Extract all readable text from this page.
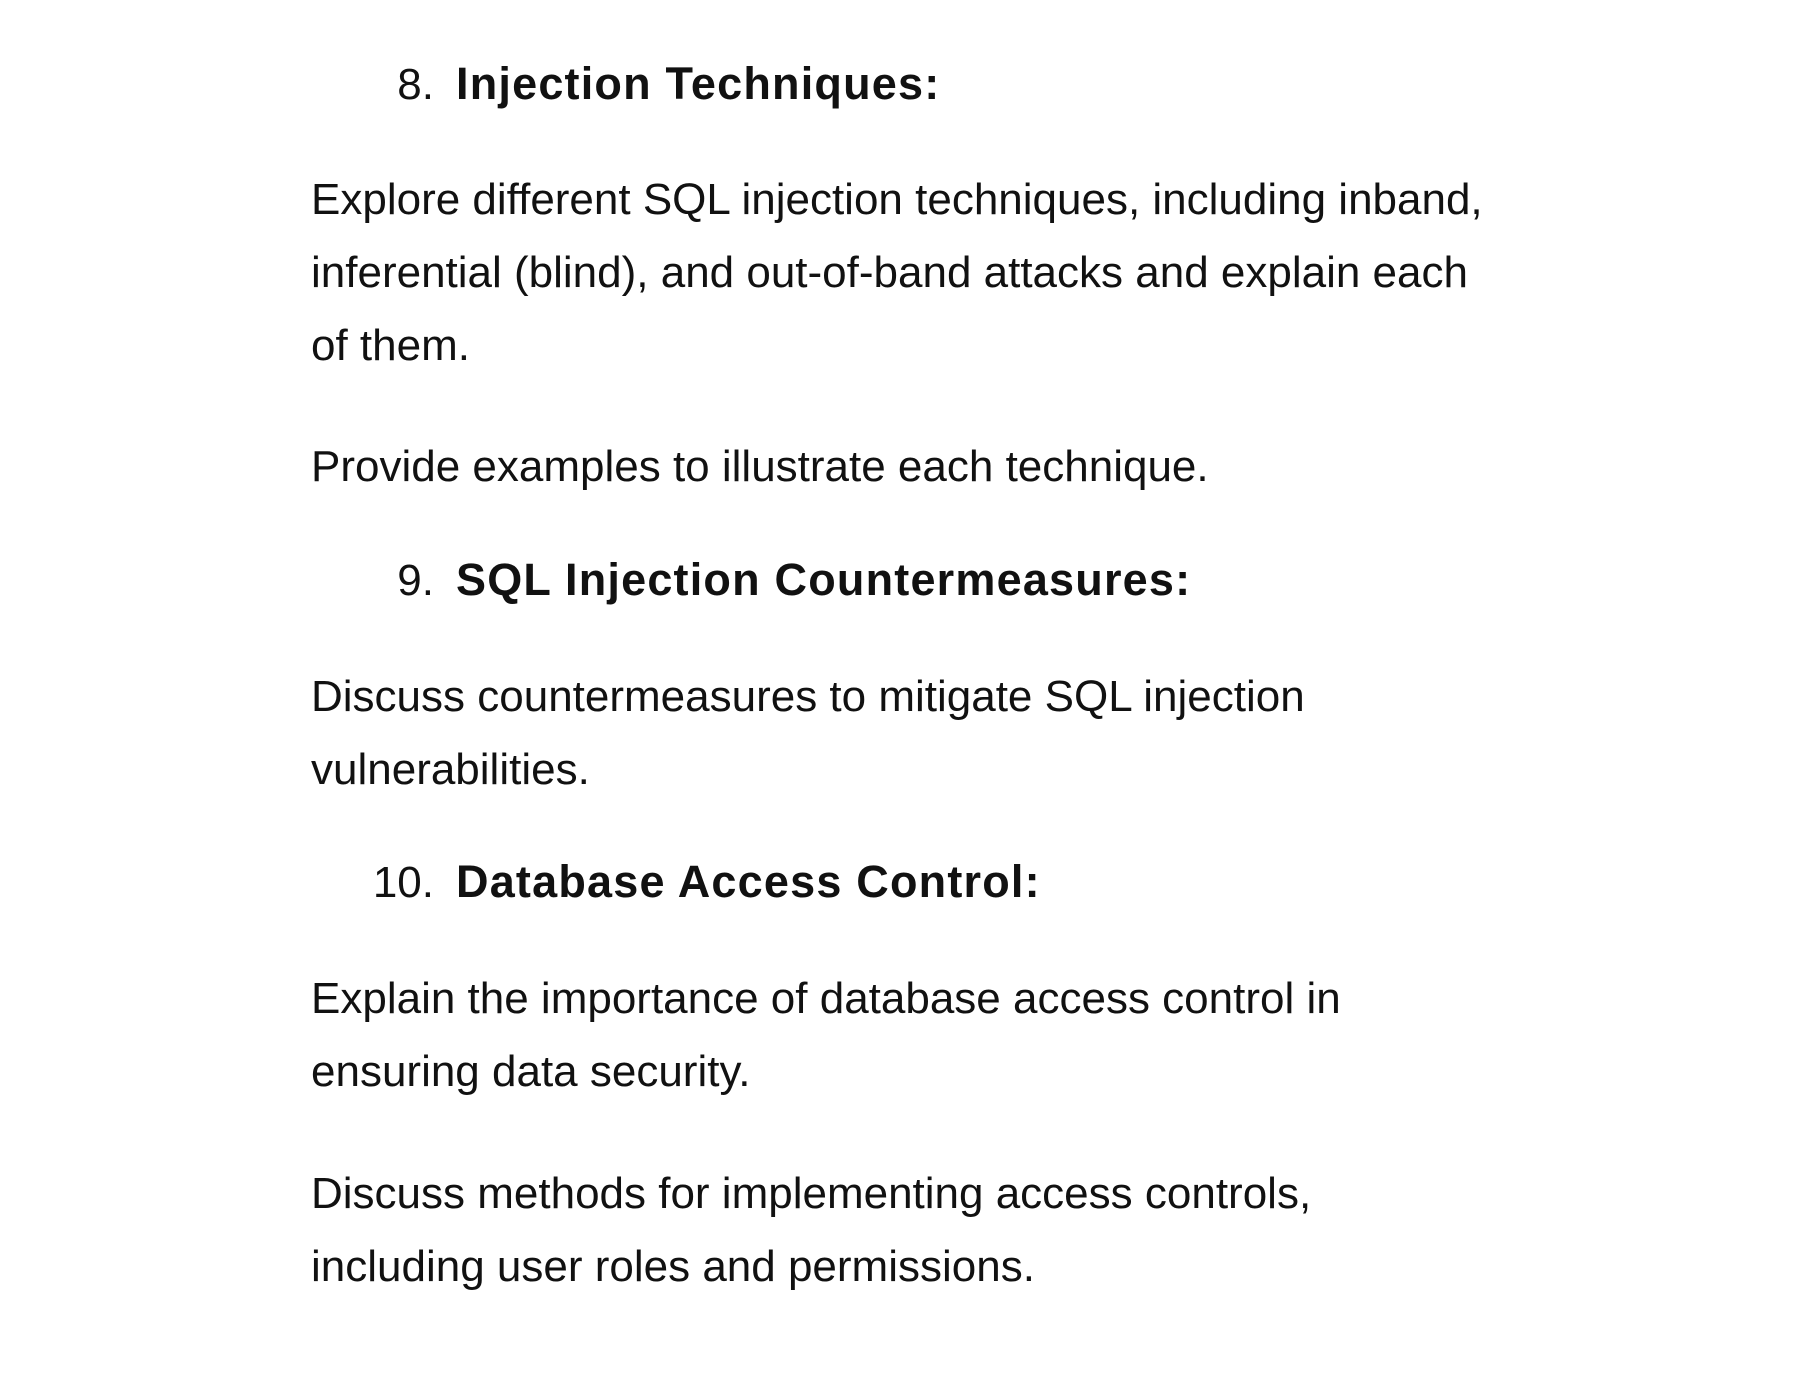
8. Injection Techniques:

Explore different SQL injection techniques, including inband, inferential (blind), and out-of-band attacks and explain each of them.

Provide examples to illustrate each technique.

9. SQL Injection Countermeasures:

Discuss countermeasures to mitigate SQL injection vulnerabilities.

10. Database Access Control:

Explain the importance of database access control in ensuring data security.

Discuss methods for implementing access controls, including user roles and permissions.
